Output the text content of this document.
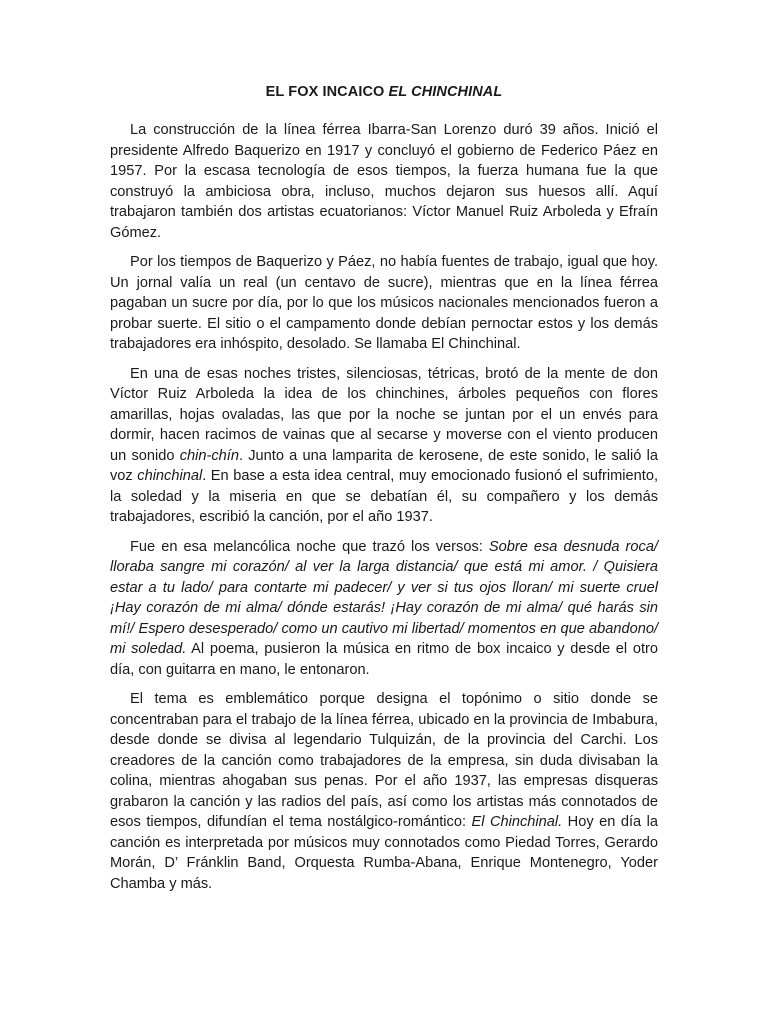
EL FOX INCAICO EL CHINCHINAL

La construcción de la línea férrea Ibarra-San Lorenzo duró 39 años. Inició el presidente Alfredo Baquerizo en 1917 y concluyó el gobierno de Federico Páez en 1957. Por la escasa tecnología de esos tiempos, la fuerza humana fue la que construyó la ambiciosa obra, incluso, muchos dejaron sus huesos allí. Aquí trabajaron también dos artistas ecuatorianos: Víctor Manuel Ruiz Arboleda y Efraín Gómez.

Por los tiempos de Baquerizo y Páez, no había fuentes de trabajo, igual que hoy. Un jornal valía un real (un centavo de sucre), mientras que en la línea férrea pagaban un sucre por día, por lo que los músicos nacionales mencionados fueron a probar suerte. El sitio o el campamento donde debían pernoctar estos y los demás trabajadores era inhóspito, desolado. Se llamaba El Chinchinal.

En una de esas noches tristes, silenciosas, tétricas, brotó de la mente de don Víctor Ruiz Arboleda la idea de los chinchines, árboles pequeños con flores amarillas, hojas ovaladas, las que por la noche se juntan por el un envés para dormir, hacen racimos de vainas que al secarse y moverse con el viento producen un sonido chin-chín. Junto a una lamparita de kerosene, de este sonido, le salió la voz chinchinal. En base a esta idea central, muy emocionado fusionó el sufrimiento, la soledad y la miseria en que se debatían él, su compañero y los demás trabajadores, escribió la canción, por el año 1937.

Fue en esa melancólica noche que trazó los versos: Sobre esa desnuda roca/ lloraba sangre mi corazón/ al ver la larga distancia/ que está mi amor. / Quisiera estar a tu lado/ para contarte mi padecer/ y ver si tus ojos lloran/ mi suerte cruel ¡Hay corazón de mi alma/ dónde estarás! ¡Hay corazón de mi alma/ qué harás sin mí!/ Espero desesperado/ como un cautivo mi libertad/ momentos en que abandono/ mi soledad. Al poema, pusieron la música en ritmo de box incaico y desde el otro día, con guitarra en mano, le entonaron.

El tema es emblemático porque designa el topónimo o sitio donde se concentraban para el trabajo de la línea férrea, ubicado en la provincia de Imbabura, desde donde se divisa al legendario Tulquizán, de la provincia del Carchi. Los creadores de la canción como trabajadores de la empresa, sin duda divisaban la colina, mientras ahogaban sus penas. Por el año 1937, las empresas disqueras grabaron la canción y las radios del país, así como los artistas más connotados de esos tiempos, difundían el tema nostálgico-romántico: El Chinchinal. Hoy en día la canción es interpretada por músicos muy connotados como Piedad Torres, Gerardo Morán, D’ Fránklin Band, Orquesta Rumba-Abana, Enrique Montenegro, Yoder Chamba y más.
